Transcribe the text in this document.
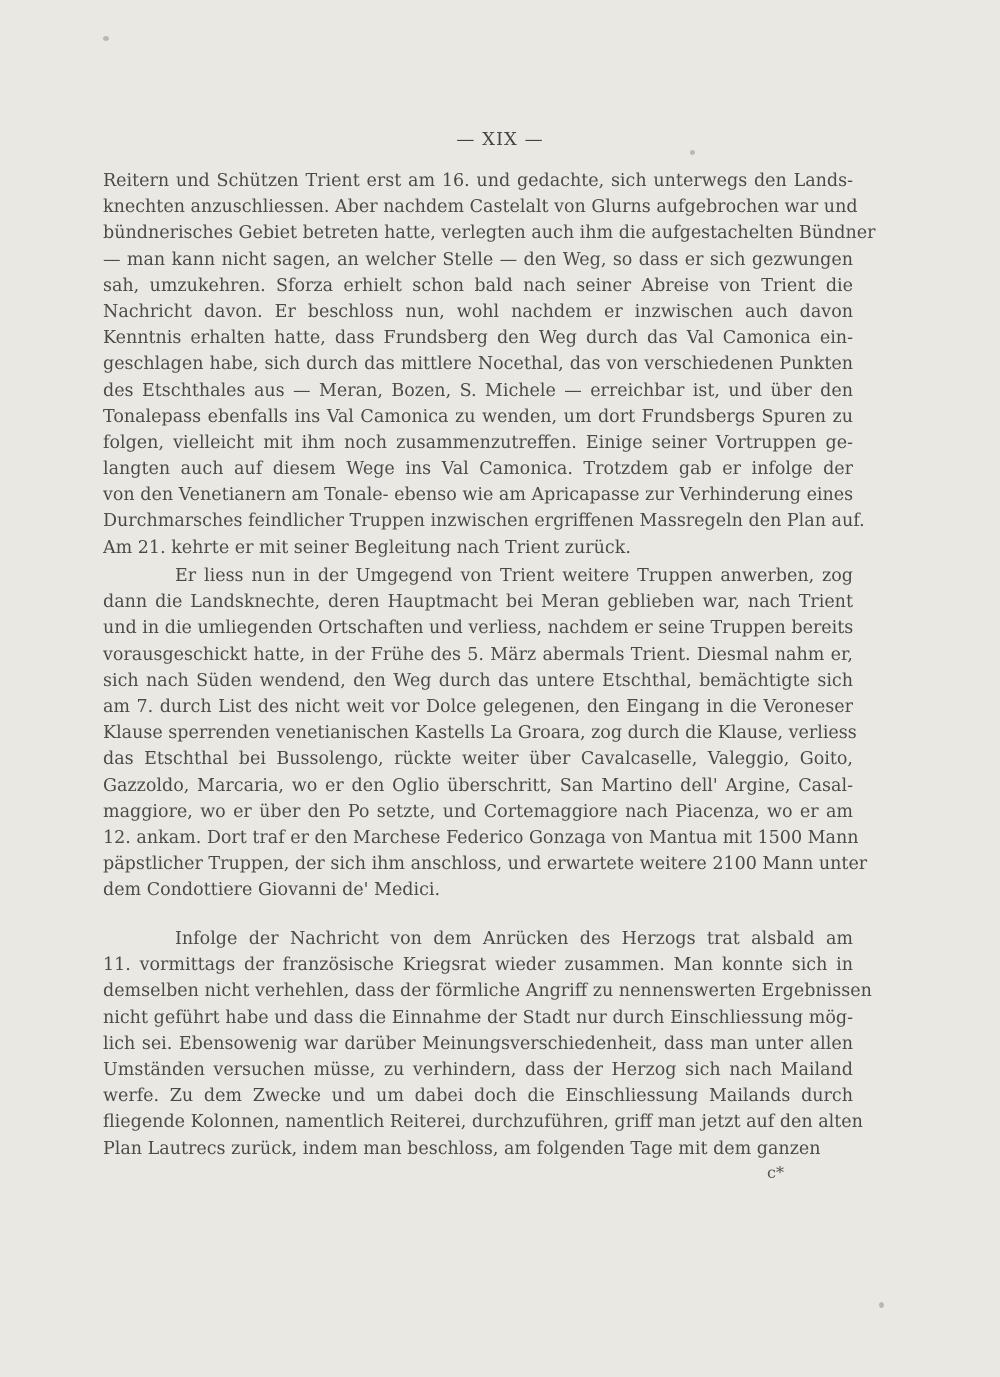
— XIX —
Reitern und Schützen Trient erst am 16. und gedachte, sich unterwegs den Lands-
knechten anzuschliessen. Aber nachdem Castelalt von Glurns aufgebrochen war und
bündnerisches Gebiet betreten hatte, verlegten auch ihm die aufgestachelten Bündner
— man kann nicht sagen, an welcher Stelle — den Weg, so dass er sich gezwungen
sah, umzukehren. Sforza erhielt schon bald nach seiner Abreise von Trient die
Nachricht davon. Er beschloss nun, wohl nachdem er inzwischen auch davon
Kenntnis erhalten hatte, dass Frundsberg den Weg durch das Val Camonica ein-
geschlagen habe, sich durch das mittlere Nocethal, das von verschiedenen Punkten
des Etschthales aus — Meran, Bozen, S. Michele — erreichbar ist, und über den
Tonalepass ebenfalls ins Val Camonica zu wenden, um dort Frundsbergs Spuren zu
folgen, vielleicht mit ihm noch zusammenzutreffen. Einige seiner Vortruppen ge-
langten auch auf diesem Wege ins Val Camonica. Trotzdem gab er infolge der
von den Venetianern am Tonale- ebenso wie am Apricapasse zur Verhinderung eines
Durchmarsches feindlicher Truppen inzwischen ergriffenen Massregeln den Plan auf.
Am 21. kehrte er mit seiner Begleitung nach Trient zurück.
Er liess nun in der Umgegend von Trient weitere Truppen anwerben, zog
dann die Landsknechte, deren Hauptmacht bei Meran geblieben war, nach Trient
und in die umliegenden Ortschaften und verliess, nachdem er seine Truppen bereits
vorausgeschickt hatte, in der Frühe des 5. März abermals Trient. Diesmal nahm er,
sich nach Süden wendend, den Weg durch das untere Etschthal, bemächtigte sich
am 7. durch List des nicht weit vor Dolce gelegenen, den Eingang in die Veroneser
Klause sperrenden venetianischen Kastells La Groara, zog durch die Klause, verliess
das Etschthal bei Bussolengo, rückte weiter über Cavalcaselle, Valeggio, Goito,
Gazzoldo, Marcaria, wo er den Oglio überschritt, San Martino dell' Argine, Casal-
maggiore, wo er über den Po setzte, und Cortemaggiore nach Piacenza, wo er am
12. ankam. Dort traf er den Marchese Federico Gonzaga von Mantua mit 1500 Mann
päpstlicher Truppen, der sich ihm anschloss, und erwartete weitere 2100 Mann unter
dem Condottiere Giovanni de' Medici.
Infolge der Nachricht von dem Anrücken des Herzogs trat alsbald am
11. vormittags der französische Kriegsrat wieder zusammen. Man konnte sich in
demselben nicht verhehlen, dass der förmliche Angriff zu nennenswerten Ergebnissen
nicht geführt habe und dass die Einnahme der Stadt nur durch Einschliessung mög-
lich sei. Ebensowenig war darüber Meinungsverschiedenheit, dass man unter allen
Umständen versuchen müsse, zu verhindern, dass der Herzog sich nach Mailand
werfe. Zu dem Zwecke und um dabei doch die Einschliessung Mailands durch
fliegende Kolonnen, namentlich Reiterei, durchzuführen, griff man jetzt auf den alten
Plan Lautrecs zurück, indem man beschloss, am folgenden Tage mit dem ganzen
c*
